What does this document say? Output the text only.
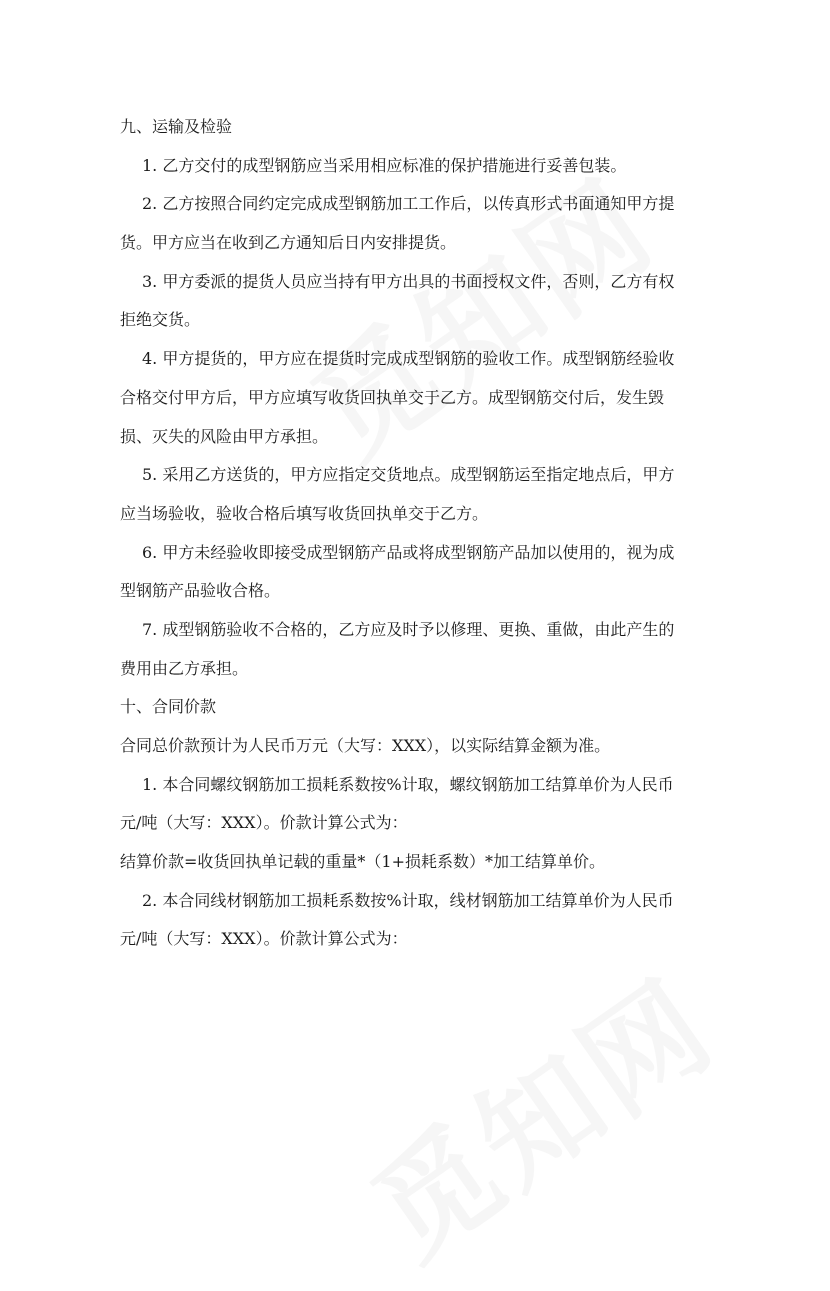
九、运输及检验
1. 乙方交付的成型钢筋应当采用相应标准的保护措施进行妥善包装。
2. 乙方按照合同约定完成成型钢筋加工工作后，以传真形式书面通知甲方提
货。甲方应当在收到乙方通知后日内安排提货。
3. 甲方委派的提货人员应当持有甲方出具的书面授权文件，否则，乙方有权
拒绝交货。
4. 甲方提货的，甲方应在提货时完成成型钢筋的验收工作。成型钢筋经验收
合格交付甲方后，甲方应填写收货回执单交于乙方。成型钢筋交付后，发生毁
损、灭失的风险由甲方承担。
5. 采用乙方送货的，甲方应指定交货地点。成型钢筋运至指定地点后，甲方
应当场验收，验收合格后填写收货回执单交于乙方。
6. 甲方未经验收即接受成型钢筋产品或将成型钢筋产品加以使用的，视为成
型钢筋产品验收合格。
7. 成型钢筋验收不合格的，乙方应及时予以修理、更换、重做，由此产生的
费用由乙方承担。
十、合同价款
合同总价款预计为人民币万元（大写：XXX），以实际结算金额为准。
1. 本合同螺纹钢筋加工损耗系数按%计取，螺纹钢筋加工结算单价为人民币
元/吨（大写：XXX）。价款计算公式为：
结算价款=收货回执单记载的重量*（1+损耗系数）*加工结算单价。
2. 本合同线材钢筋加工损耗系数按%计取，线材钢筋加工结算单价为人民币
元/吨（大写：XXX）。价款计算公式为：
